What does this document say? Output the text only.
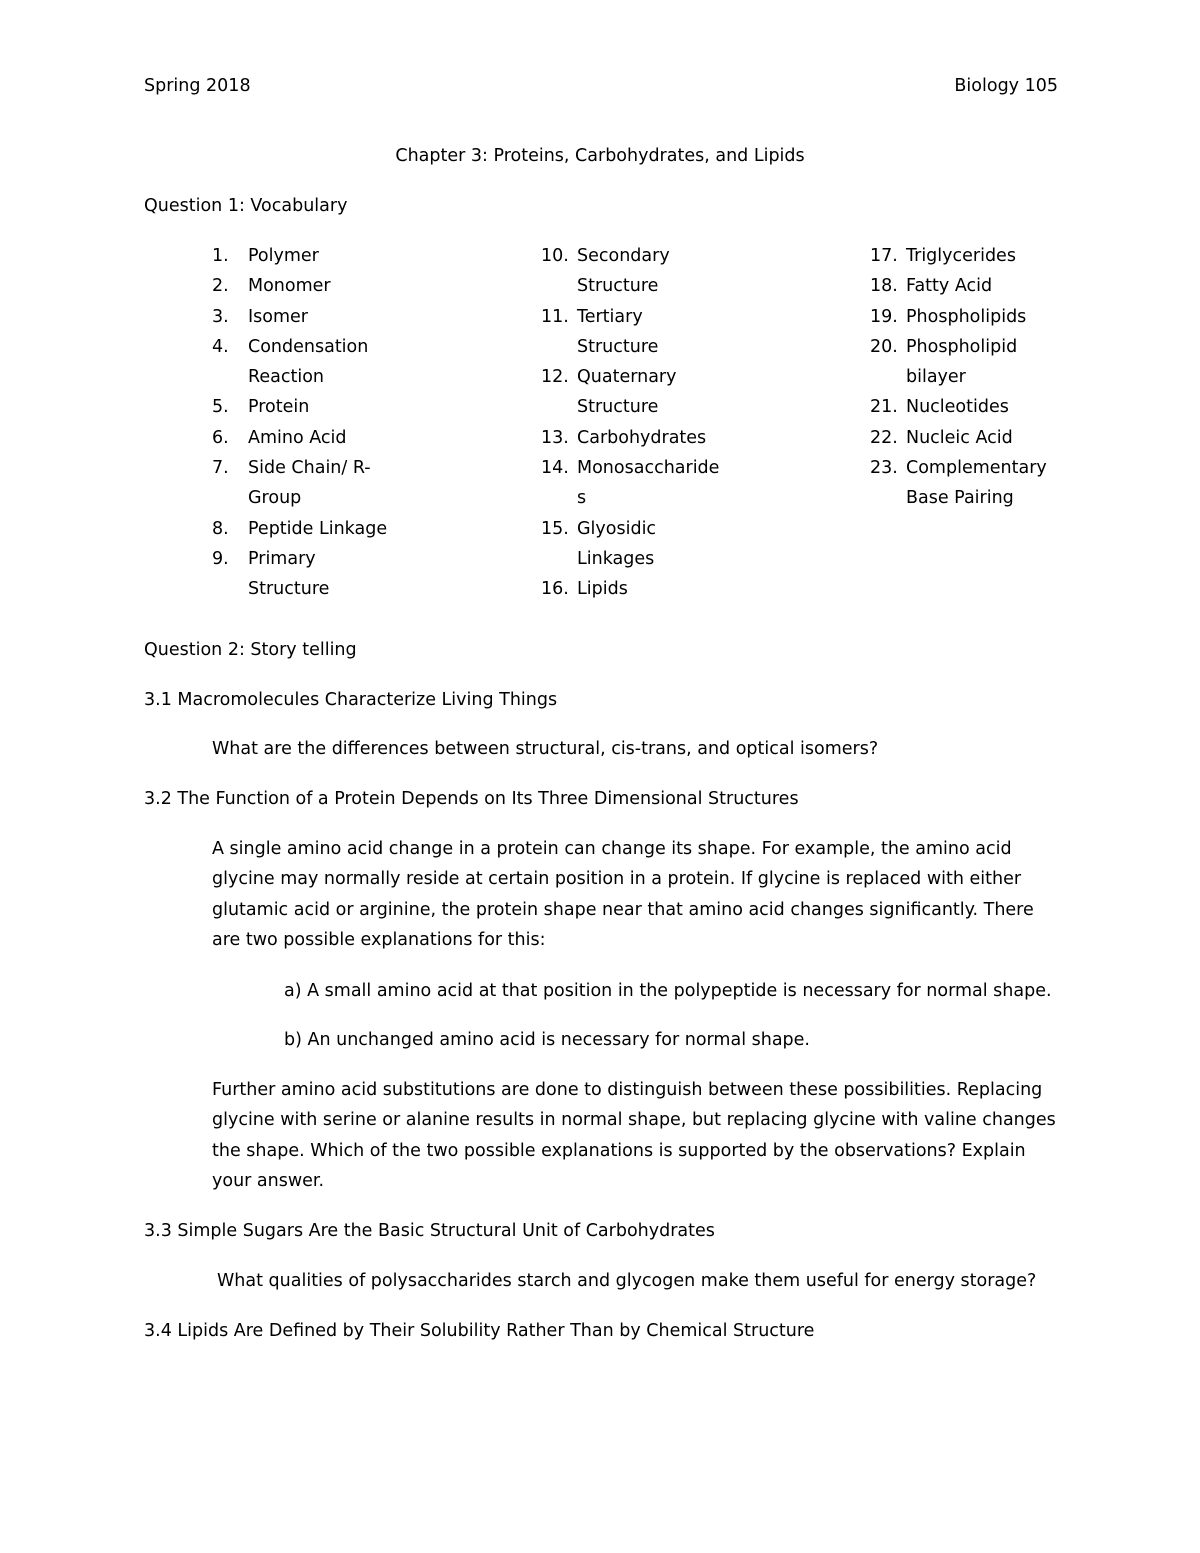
Spring 2018	Biology 105
Chapter 3: Proteins, Carbohydrates, and Lipids
Question 1: Vocabulary
1. Polymer
2. Monomer
3. Isomer
4. Condensation
Reaction
5. Protein
6. Amino Acid
7. Side Chain/ R-
Group
8. Peptide Linkage
9. Primary
Structure
10. Secondary
Structure
11. Tertiary
Structure
12. Quaternary
Structure
13. Carbohydrates
14. Monosaccharide
s
15. Glyosidic
Linkages
16. Lipids
17. Triglycerides
18. Fatty Acid
19. Phospholipids
20. Phospholipid
bilayer
21. Nucleotides
22. Nucleic Acid
23. Complementary
Base Pairing
Question 2: Story telling
3.1 Macromolecules Characterize Living Things
What are the differences between structural, cis-trans, and optical isomers?
3.2 The Function of a Protein Depends on Its Three Dimensional Structures
A single amino acid change in a protein can change its shape. For example, the amino acid
glycine may normally reside at certain position in a protein. If glycine is replaced with either
glutamic acid or arginine, the protein shape near that amino acid changes significantly. There
are two possible explanations for this:
a) A small amino acid at that position in the polypeptide is necessary for normal shape.
b) An unchanged amino acid is necessary for normal shape.
Further amino acid substitutions are done to distinguish between these possibilities. Replacing
glycine with serine or alanine results in normal shape, but replacing glycine with valine changes
the shape. Which of the two possible explanations is supported by the observations? Explain
your answer.
3.3 Simple Sugars Are the Basic Structural Unit of Carbohydrates
What qualities of polysaccharides starch and glycogen make them useful for energy storage?
3.4 Lipids Are Defined by Their Solubility Rather Than by Chemical Structure
